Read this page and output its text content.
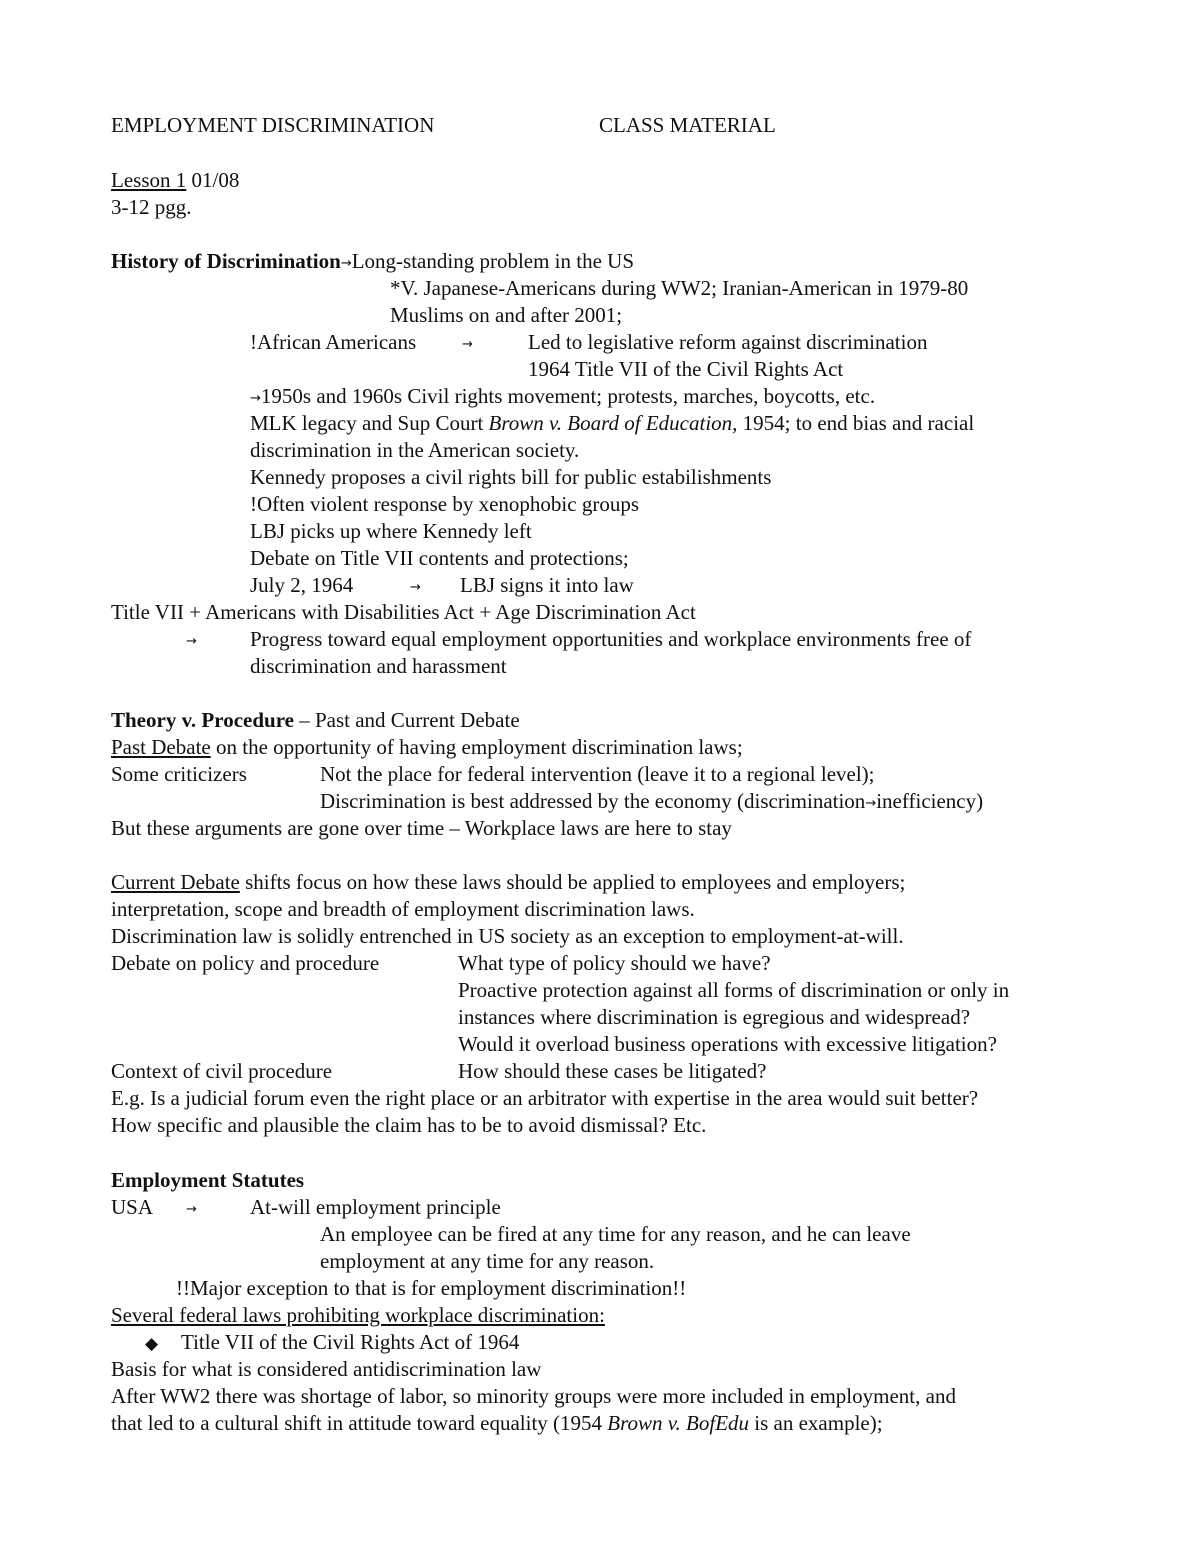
EMPLOYMENT DISCRIMINATION	CLASS MATERIAL
Lesson 1 01/08
3-12 pgg.
History of Discrimination→Long-standing problem in the US
*V. Japanese-Americans during WW2; Iranian-American in 1979-80
Muslims on and after 2001;
!African Americans	→	Led to legislative reform against discrimination
1964 Title VII of the Civil Rights Act
→1950s and 1960s Civil rights movement; protests, marches, boycotts, etc.
MLK legacy and Sup Court Brown v. Board of Education, 1954; to end bias and racial
discrimination in the American society.
Kennedy proposes a civil rights bill for public estabilishments
!Often violent response by xenophobic groups
LBJ picks up where Kennedy left
Debate on Title VII contents and protections;
July 2, 1964	→ LBJ signs it into law
Title VII + Americans with Disabilities Act + Age Discrimination Act
→	Progress toward equal employment opportunities and workplace environments free of
discrimination and harassment
Theory v. Procedure – Past and Current Debate
Past Debate on the opportunity of having employment discrimination laws;
Some criticizers	Not the place for federal intervention (leave it to a regional level);
Discrimination is best addressed by the economy (discrimination→inefficiency)
But these arguments are gone over time – Workplace laws are here to stay
Current Debate shifts focus on how these laws should be applied to employees and employers;
interpretation, scope and breadth of employment discrimination laws.
Discrimination law is solidly entrenched in US society as an exception to employment-at-will.
Debate on policy and procedure	What type of policy should we have?
Proactive protection against all forms of discrimination or only in
instances where discrimination is egregious and widespread?
Would it overload business operations with excessive litigation?
Context of civil procedure	How should these cases be litigated?
E.g. Is a judicial forum even the right place or an arbitrator with expertise in the area would suit better?
How specific and plausible the claim has to be to avoid dismissal? Etc.
Employment Statutes
USA	→	At-will employment principle
An employee can be fired at any time for any reason, and he can leave
employment at any time for any reason.
!!Major exception to that is for employment discrimination!!
Several federal laws prohibiting workplace discrimination:
◆ Title VII of the Civil Rights Act of 1964
Basis for what is considered antidiscrimination law
After WW2 there was shortage of labor, so minority groups were more included in employment, and
that led to a cultural shift in attitude toward equality (1954 Brown v. BofEdu is an example);
